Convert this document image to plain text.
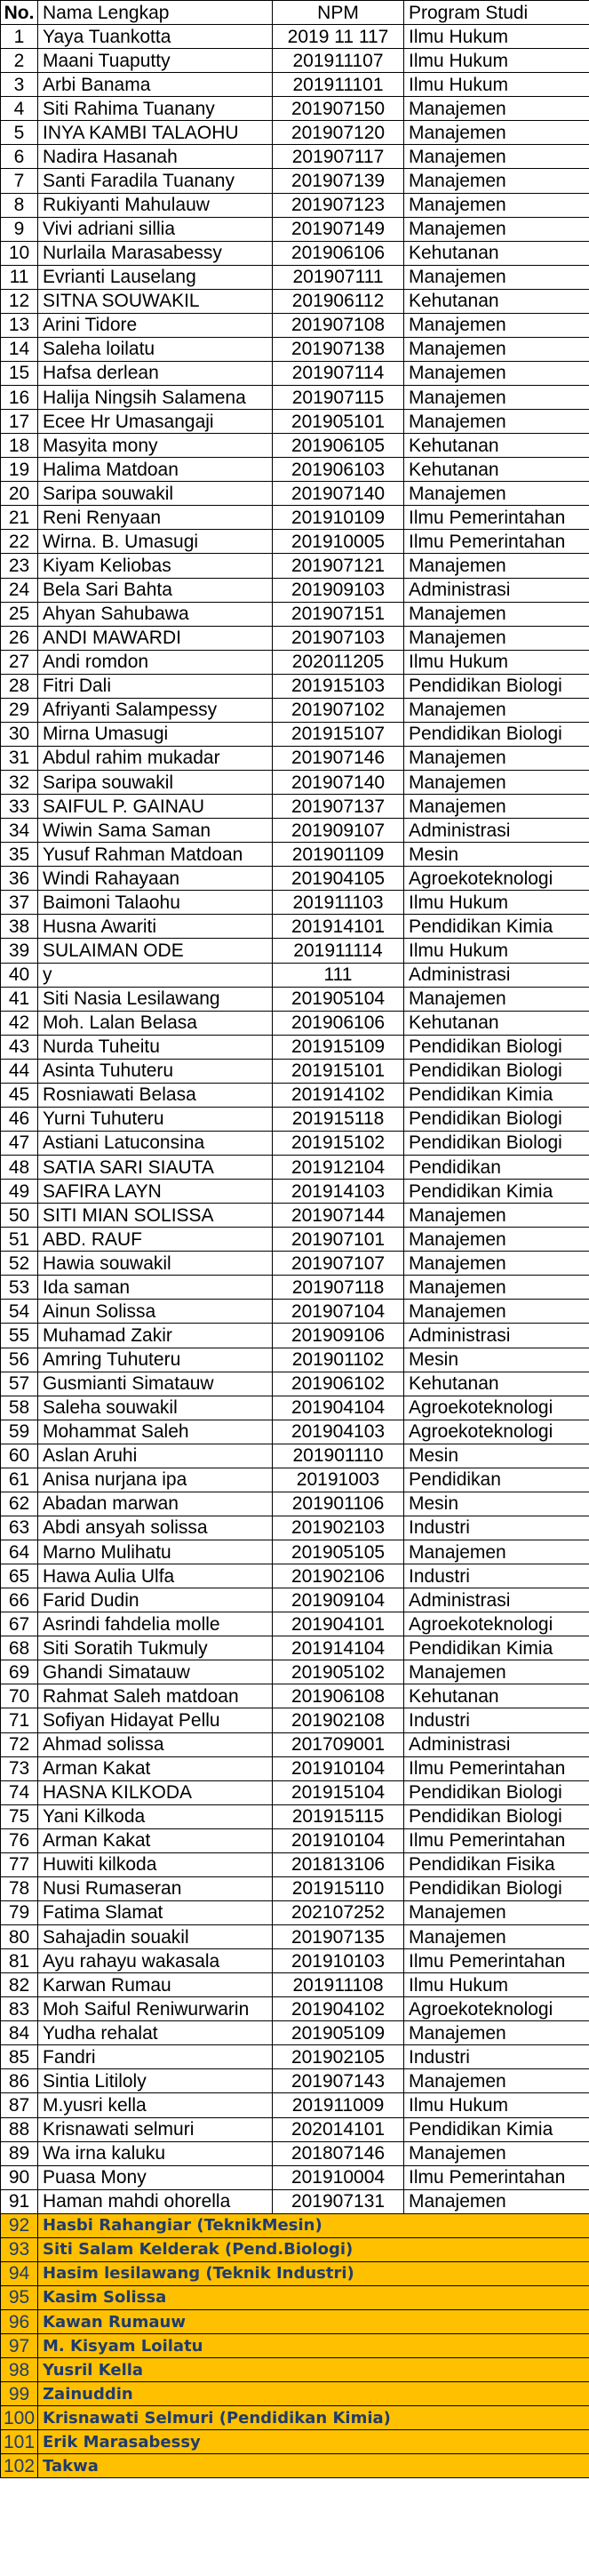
No.	Nama Lengkap	NPM	Program Studi
1	Yaya Tuankotta	2019 11 117	Ilmu Hukum
2	Maani Tuaputty	201911107	Ilmu Hukum
3	Arbi Banama	201911101	Ilmu Hukum
4	Siti Rahima Tuanany	201907150	Manajemen
5	INYA KAMBI TALAOHU	201907120	Manajemen
6	Nadira Hasanah	201907117	Manajemen
7	Santi Faradila Tuanany	201907139	Manajemen
8	Rukiyanti Mahulauw	201907123	Manajemen
9	Vivi adriani sillia	201907149	Manajemen
10	Nurlaila Marasabessy	201906106	Kehutanan
11	Evrianti Lauselang	201907111	Manajemen
12	SITNA SOUWAKIL	201906112	Kehutanan
13	Arini Tidore	201907108	Manajemen
14	Saleha loilatu	201907138	Manajemen
15	Hafsa derlean	201907114	Manajemen
16	Halija Ningsih Salamena	201907115	Manajemen
17	Ecee Hr Umasangaji	201905101	Manajemen
18	Masyita mony	201906105	Kehutanan
19	Halima Matdoan	201906103	Kehutanan
20	Saripa souwakil	201907140	Manajemen
21	Reni Renyaan	201910109	Ilmu Pemerintahan
22	Wirna. B. Umasugi	201910005	Ilmu Pemerintahan
23	Kiyam Keliobas	201907121	Manajemen
24	Bela Sari Bahta	201909103	Administrasi
25	Ahyan Sahubawa	201907151	Manajemen
26	ANDI MAWARDI	201907103	Manajemen
27	Andi romdon	202011205	Ilmu Hukum
28	Fitri Dali	201915103	Pendidikan Biologi
29	Afriyanti Salampessy	201907102	Manajemen
30	Mirna Umasugi	201915107	Pendidikan Biologi
31	Abdul rahim mukadar	201907146	Manajemen
32	Saripa souwakil	201907140	Manajemen
33	SAIFUL P. GAINAU	201907137	Manajemen
34	Wiwin Sama Saman	201909107	Administrasi
35	Yusuf Rahman Matdoan	201901109	Mesin
36	Windi Rahayaan	201904105	Agroekoteknologi
37	Baimoni Talaohu	201911103	Ilmu Hukum
38	Husna Awariti	201914101	Pendidikan Kimia
39	SULAIMAN ODE	201911114	Ilmu Hukum
40	y	111	Administrasi
41	Siti Nasia Lesilawang	201905104	Manajemen
42	Moh. Lalan Belasa	201906106	Kehutanan
43	Nurda Tuheitu	201915109	Pendidikan Biologi
44	Asinta Tuhuteru	201915101	Pendidikan Biologi
45	Rosniawati Belasa	201914102	Pendidikan Kimia
46	Yurni Tuhuteru	201915118	Pendidikan Biologi
47	Astiani Latuconsina	201915102	Pendidikan Biologi
48	SATIA SARI SIAUTA	201912104	Pendidikan
49	SAFIRA LAYN	201914103	Pendidikan Kimia
50	SITI MIAN SOLISSA	201907144	Manajemen
51	ABD. RAUF	201907101	Manajemen
52	Hawia souwakil	201907107	Manajemen
53	Ida saman	201907118	Manajemen
54	Ainun Solissa	201907104	Manajemen
55	Muhamad Zakir	201909106	Administrasi
56	Amring Tuhuteru	201901102	Mesin
57	Gusmianti Simatauw	201906102	Kehutanan
58	Saleha souwakil	201904104	Agroekoteknologi
59	Mohammat Saleh	201904103	Agroekoteknologi
60	Aslan Aruhi	201901110	Mesin
61	Anisa nurjana ipa	20191003	Pendidikan
62	Abadan marwan	201901106	Mesin
63	Abdi ansyah solissa	201902103	Industri
64	Marno Mulihatu	201905105	Manajemen
65	Hawa Aulia Ulfa	201902106	Industri
66	Farid Dudin	201909104	Administrasi
67	Asrindi fahdelia molle	201904101	Agroekoteknologi
68	Siti Soratih Tukmuly	201914104	Pendidikan Kimia
69	Ghandi Simatauw	201905102	Manajemen
70	Rahmat Saleh matdoan	201906108	Kehutanan
71	Sofiyan Hidayat Pellu	201902108	Industri
72	Ahmad solissa	201709001	Administrasi
73	Arman Kakat	201910104	Ilmu Pemerintahan
74	HASNA KILKODA	201915104	Pendidikan Biologi
75	Yani Kilkoda	201915115	Pendidikan Biologi
76	Arman Kakat	201910104	Ilmu Pemerintahan
77	Huwiti kilkoda	201813106	Pendidikan Fisika
78	Nusi Rumaseran	201915110	Pendidikan Biologi
79	Fatima Slamat	202107252	Manajemen
80	Sahajadin souakil	201907135	Manajemen
81	Ayu rahayu wakasala	201910103	Ilmu Pemerintahan
82	Karwan Rumau	201911108	Ilmu Hukum
83	Moh Saiful Reniwurwarin	201904102	Agroekoteknologi
84	Yudha rehalat	201905109	Manajemen
85	Fandri	201902105	Industri
86	Sintia Litiloly	201907143	Manajemen
87	M.yusri kella	201911009	Ilmu Hukum
88	Krisnawati selmuri	202014101	Pendidikan Kimia
89	Wa irna kaluku	201807146	Manajemen
90	Puasa Mony	201910004	Ilmu Pemerintahan
91	Haman mahdi ohorella	201907131	Manajemen
92	Hasbi Rahangiar (TeknikMesin)		
93	Siti Salam Kelderak (Pend.Biologi)		
94	Hasim lesilawang (Teknik Industri)		
95	Kasim Solissa		
96	Kawan Rumauw		
97	M. Kisyam Loilatu		
98	Yusril Kella		
99	Zainuddin		
100	Krisnawati Selmuri (Pendidikan Kimia)		
101	Erik Marasabessy		
102	Takwa		
